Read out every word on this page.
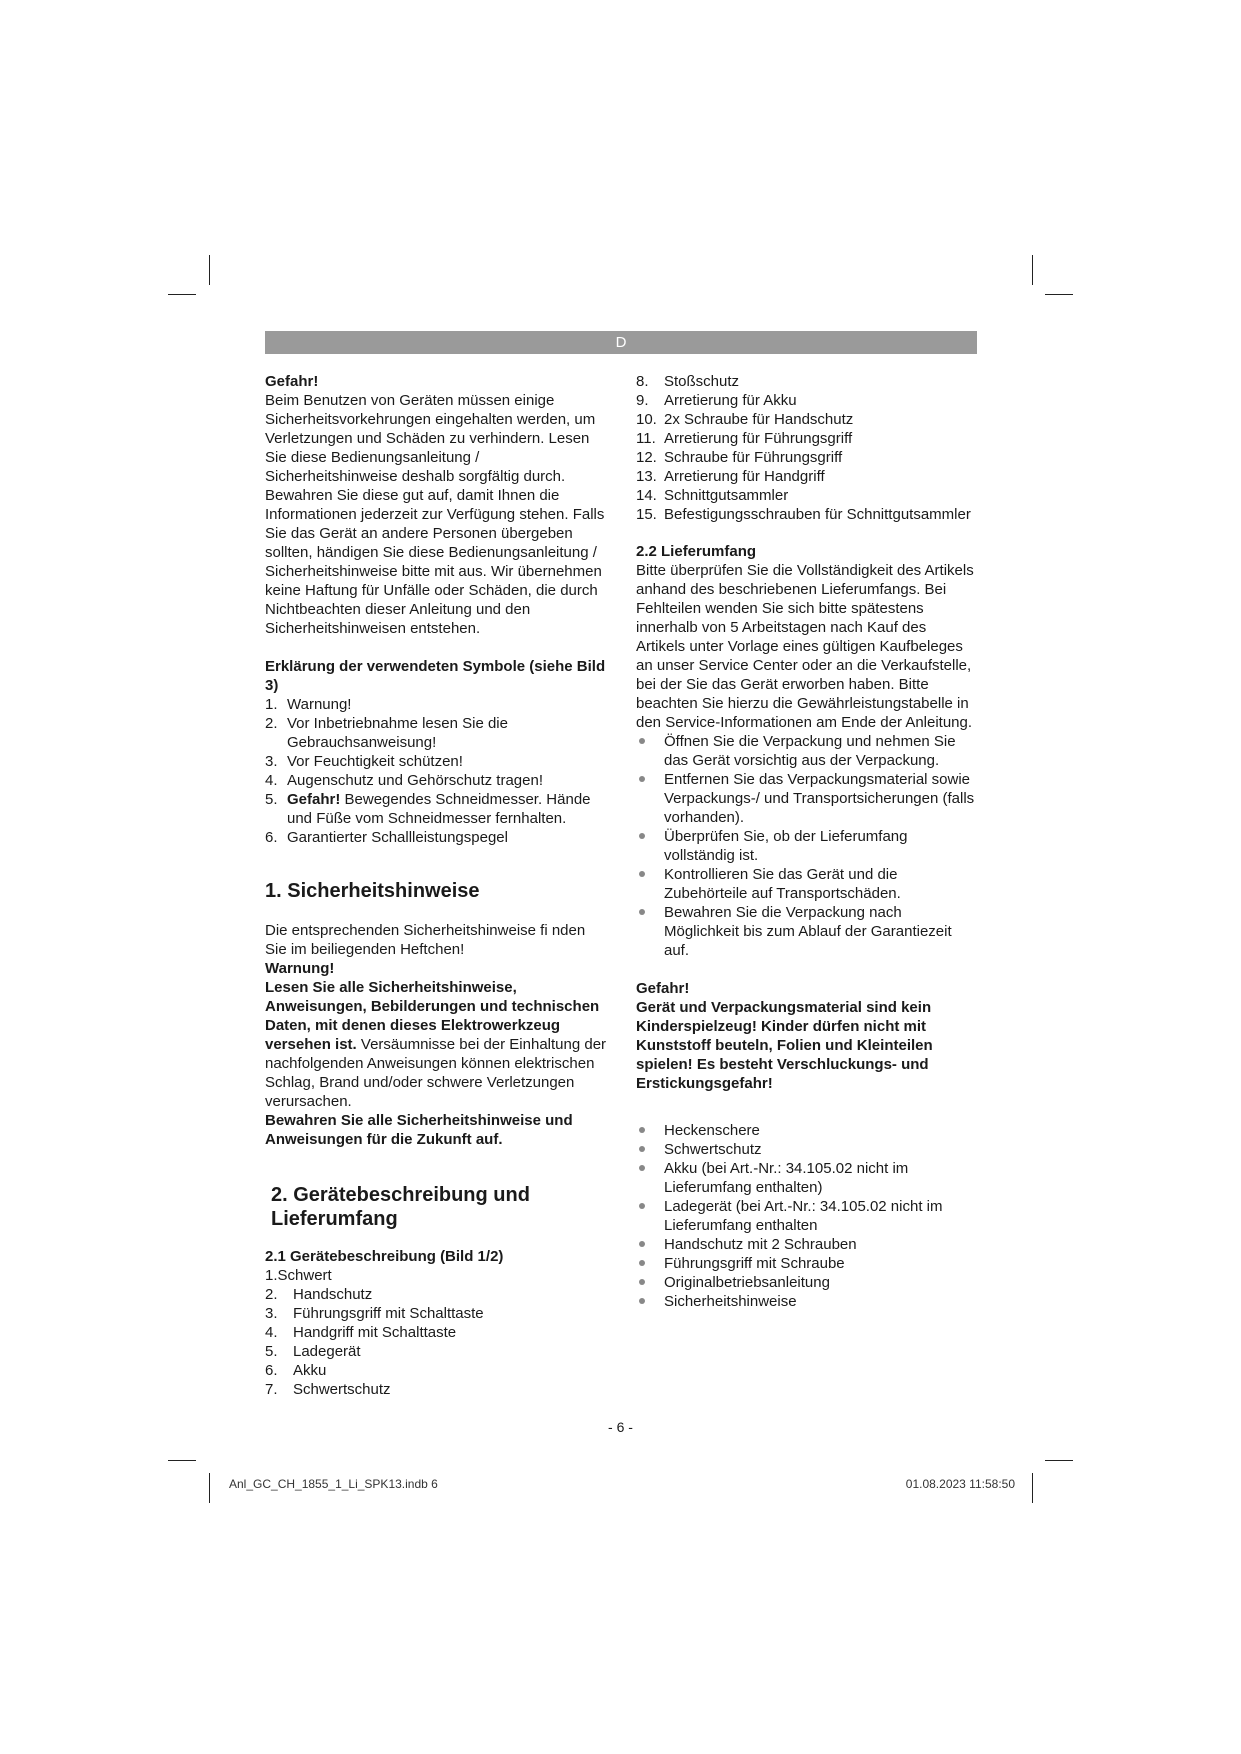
D

Gefahr!

Beim Benutzen von Geräten müssen einige Sicherheitsvorkehrungen eingehalten werden, um Verletzungen und Schäden zu verhindern. Lesen Sie diese Bedienungsanleitung / Sicherheitshinweise deshalb sorgfältig durch. Bewahren Sie diese gut auf, damit Ihnen die Informationen jederzeit zur Verfügung stehen. Falls Sie das Gerät an andere Personen übergeben sollten, händigen Sie diese Bedienungsanleitung / Sicherheitshinweise bitte mit aus. Wir übernehmen keine Haftung für Unfälle oder Schäden, die durch Nichtbeachten dieser Anleitung und den Sicherheitshinweisen entstehen.

Erklärung der verwendeten Symbole (siehe Bild 3)

1. Warnung!
2. Vor Inbetriebnahme lesen Sie die Gebrauchsanweisung!
3. Vor Feuchtigkeit schützen!
4. Augenschutz und Gehörschutz tragen!
5. Gefahr! Bewegendes Schneidmesser. Hände und Füße vom Schneidmesser fernhalten.
6. Garantierter Schallleistungspegel
1. Sicherheitshinweise

Die entsprechenden Sicherheitshinweise fi nden Sie im beiliegenden Heftchen!

Warnung!

Lesen Sie alle Sicherheitshinweise, Anweisungen, Bebilderungen und technischen Daten, mit denen dieses Elektrowerkzeug versehen ist. Versäumnisse bei der Einhaltung der nachfolgenden Anweisungen können elektrischen Schlag, Brand und/oder schwere Verletzungen verursachen.

Bewahren Sie alle Sicherheitshinweise und Anweisungen für die Zukunft auf.

2. Gerätebeschreibung und Lieferumfang

2.1 Gerätebeschreibung (Bild 1/2)

1.Schwert
2. Handschutz
3. Führungsgriff mit Schalttaste
4. Handgriff mit Schalttaste
5. Ladegerät
6. Akku
7. Schwertschutz
8. Stoßschutz
9. Arretierung für Akku
10. 2x Schraube für Handschutz
11. Arretierung für Führungsgriff
12. Schraube für Führungsgriff
13. Arretierung für Handgriff
14. Schnittgutsammler
15. Befestigungsschrauben für Schnittgutsammler

2.2 Lieferumfang

Bitte überprüfen Sie die Vollständigkeit des Artikels anhand des beschriebenen Lieferumfangs. Bei Fehlteilen wenden Sie sich bitte spätestens innerhalb von 5 Arbeitstagen nach Kauf des Artikels unter Vorlage eines gültigen Kaufbeleges an unser Service Center oder an die Verkaufstelle, bei der Sie das Gerät erworben haben. Bitte beachten Sie hierzu die Gewährleistungstabelle in den Service-Informationen am Ende der Anleitung.

Öffnen Sie die Verpackung und nehmen Sie das Gerät vorsichtig aus der Verpackung.
Entfernen Sie das Verpackungsmaterial sowie Verpackungs-/ und Transportsicherungen (falls vorhanden).
Überprüfen Sie, ob der Lieferumfang vollständig ist.
Kontrollieren Sie das Gerät und die Zubehörteile auf Transportschäden.
Bewahren Sie die Verpackung nach Möglichkeit bis zum Ablauf der Garantiezeit auf.

Gefahr!

Gerät und Verpackungsmaterial sind kein Kinderspielzeug! Kinder dürfen nicht mit Kunststoff beuteln, Folien und Kleinteilen spielen! Es besteht Verschluckungs- und Erstickungsgefahr!

Heckenschere
Schwertschutz
Akku (bei Art.-Nr.: 34.105.02 nicht im Lieferumfang enthalten)
Ladegerät (bei Art.-Nr.: 34.105.02 nicht im Lieferumfang enthalten
Handschutz mit 2 Schrauben
Führungsgriff mit Schraube
Originalbetriebsanleitung
Sicherheitshinweise
- 6 -
Anl_GC_CH_1855_1_Li_SPK13.indb 6	01.08.2023 11:58:50
